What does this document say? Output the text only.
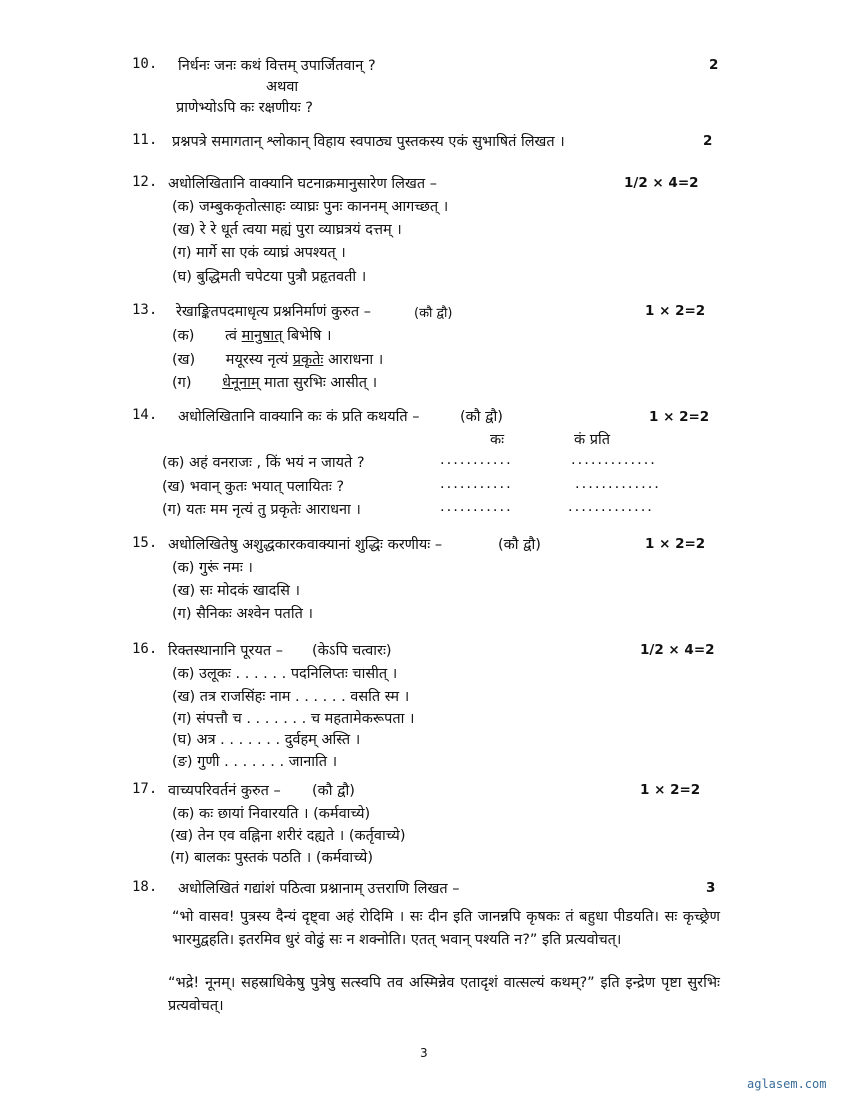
10.	निर्धनः जनः कथं वित्तम् उपार्जितवान् ?	2
अथवा
प्राणेभ्योऽपि कः रक्षणीयः ?
11.	प्रश्नपत्रे समागतान् श्लोकान् विहाय स्वपाठ्य पुस्तकस्य एकं सुभाषितं लिखत ।	2
12. अधोलिखितानि वाक्यानि घटनाक्रमानुसारेण लिखत –	1/2 × 4=2
(क) जम्बुककृतोत्साहः व्याघ्रः पुनः काननम् आगच्छत् ।
(ख) रे रे धूर्त त्वया मह्यं पुरा व्याघ्रत्रयं दत्तम् ।
(ग) मार्गे सा एकं व्याघ्रं अपश्यत् ।
(घ) बुद्धिमती चपेटया पुत्रौ प्रहृतवती ।
13.	रेखाङ्कितपदमाधृत्य प्रश्ननिर्माणं कुरुत –	(कौ द्वौ)	1 × 2=2
(क) त्वं मानुषात् बिभेषि ।
(ख) मयूरस्य नृत्यं प्रकृतेः आराधना ।
(ग) धेनूनाम् माता सुरभिः आसीत् ।
14.	अधोलिखितानि वाक्यानि कः कं प्रति कथयति –	(कौ द्वौ)	1 × 2=2
कः	कं प्रति
(क) अहं वनराजः , किं भयं न जायते ?	...........	.............
(ख) भवान् कुतः भयात् पलायितः ?	...........	.............
(ग) यतः मम नृत्यं तु प्रकृतेः आराधना ।	...........	.............
15. अधोलिखितेषु अशुद्धकारकवाक्यानां शुद्धिः करणीयः –	(कौ द्वौ)	1 × 2=2
(क) गुरूं नमः ।
(ख) सः मोदकं खादसि ।
(ग) सैनिकः अश्वेन पतति ।
16. रिक्तस्थानानि पूरयत – (केऽपि चत्वारः)	1/2 × 4=2
(क) उलूकः . . . . . . पदनिलिप्तः चासीत् ।
(ख) तत्र राजसिंहः नाम . . . . . . वसति स्म ।
(ग) संपत्तौ च . . . . . . . च महतामेकरूपता ।
(घ) अत्र . . . . . . . दुर्वहम् अस्ति ।
(ङ) गुणी . . . . . . . जानाति ।
17. वाच्यपरिवर्तनं कुरुत – (कौ द्वौ)	1 × 2=2
(क) कः छायां निवारयति । (कर्मवाच्ये)
(ख) तेन एव वह्निना शरीरं दह्यते । (कर्तृवाच्ये)
(ग) बालकः पुस्तकं पठति । (कर्मवाच्ये)
18.	अधोलिखितं गद्यांशं पठित्वा प्रश्नानाम् उत्तराणि लिखत –	3
“भो वासव! पुत्रस्य दैन्यं दृष्ट्वा अहं रोदिमि । सः दीन इति जानन्नपि कृषकः तं बहुधा पीडयति। सः कृच्छ्रेण भारमुद्वहति। इतरमिव धुरं वोढुं सः न शक्नोति। एतत् भवान् पश्यति न?” इति प्रत्यवोचत्।
“भद्रे! नूनम्। सहस्राधिकेषु पुत्रेषु सत्स्वपि तव अस्मिन्नेव एतादृशं वात्सल्यं कथम्?” इति इन्द्रेण पृष्टा सुरभिः प्रत्यवोचत्।
3
aglasem.com
